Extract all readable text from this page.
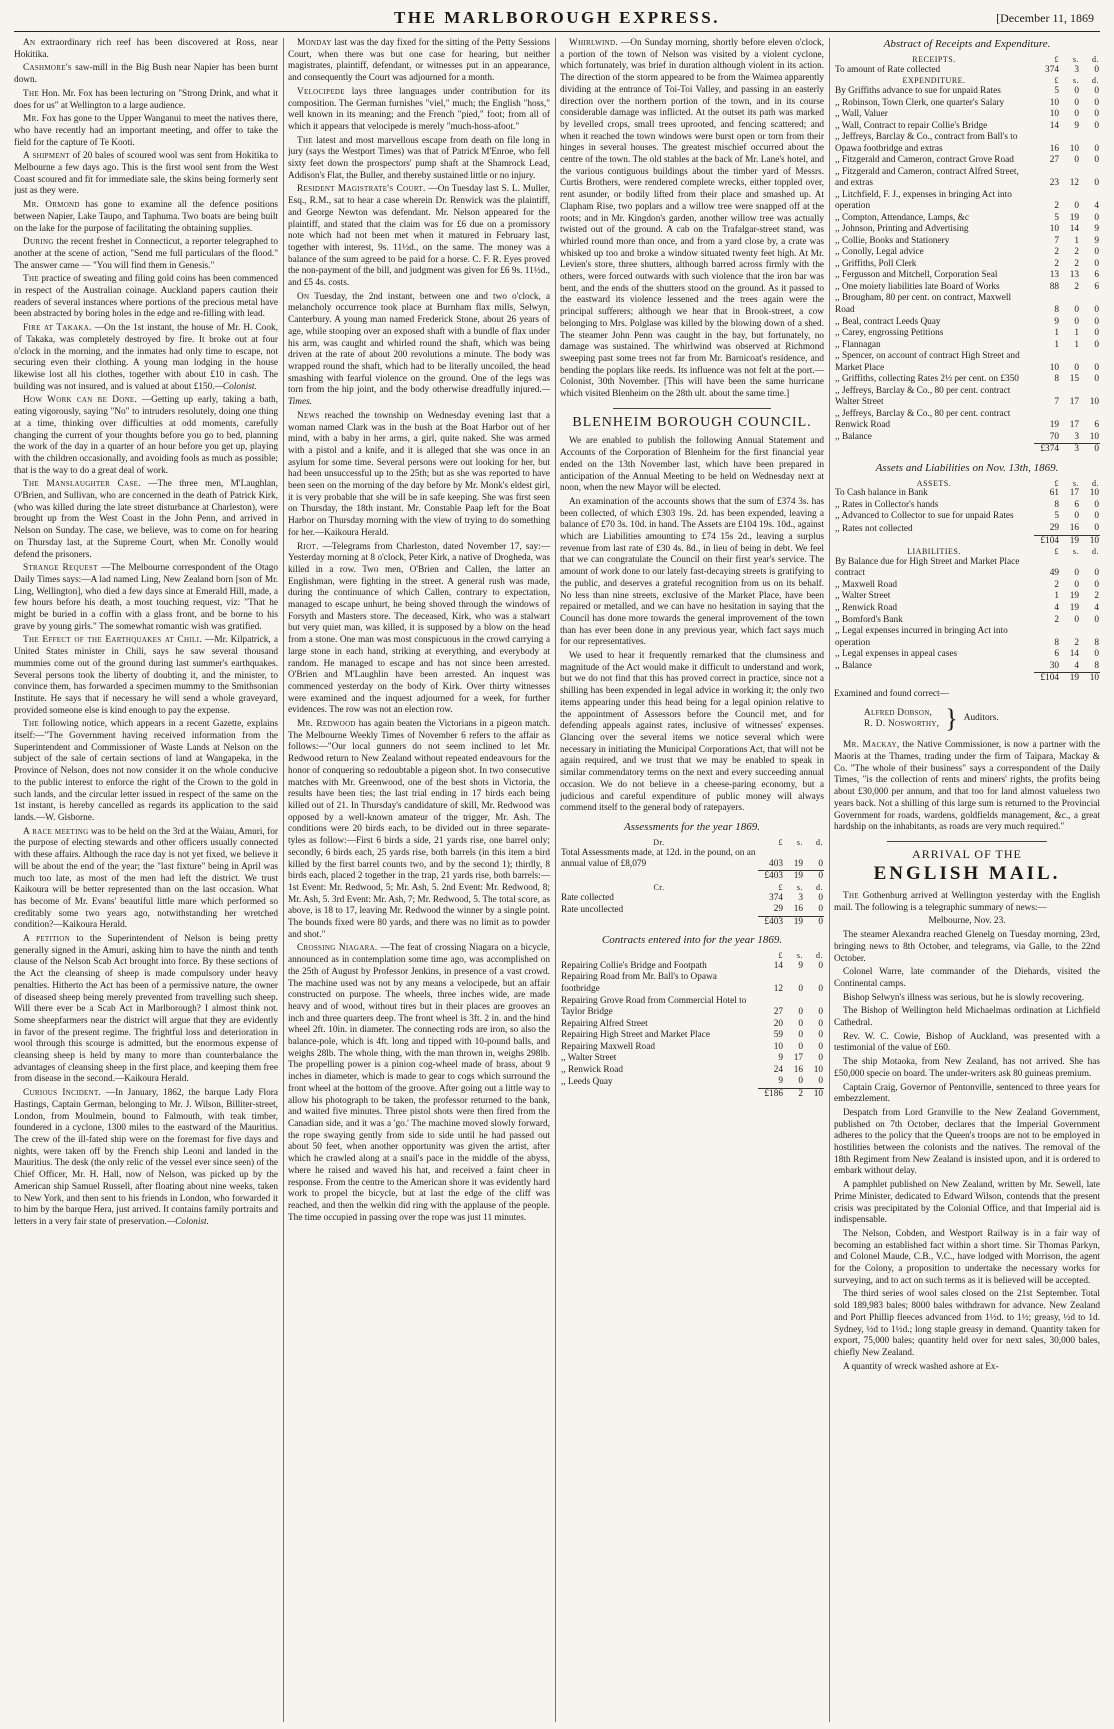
THE MARLBOROUGH EXPRESS.	[December 11, 1869

An extraordinary rich reef has been discovered at Ross, near Hokitika.

Cashmore's saw-mill in the Big Bush near Napier has been burnt down.

The Hon. Mr. Fox has been lecturing on "Strong Drink, and what it does for us" at Wellington to a large audience.

Mr. Fox has gone to the Upper Wanganui to meet the natives there, who have recently had an important meeting, and offer to take the field for the capture of Te Kooti.

A shipment of 20 bales of scoured wool was sent from Hokitika to Melbourne a few days ago. This is the first wool sent from the West Coast scoured and fit for immediate sale, the skins being formerly sent just as they were.

Mr. Ormond has gone to examine all the defence positions between Napier, Lake Taupo, and Taphuma. Two boats are being built on the lake for the purpose of facilitating the obtaining supplies.

During the recent freshet in Connecticut, a reporter telegraphed to another at the scene of action, "Send me full particulars of the flood." The answer came — "You will find them in Genesis."

The practice of sweating and filing gold coins has been commenced in respect of the Australian coinage. Auckland papers caution their readers of several instances where portions of the precious metal have been abstracted by boring holes in the edge and re-filling with lead.

Fire at Takaka. —On the 1st instant, the house of Mr. H. Cook, of Takaka, was completely destroyed by fire. It broke out at four o'clock in the morning, and the inmates had only time to escape, not securing even their clothing. A young man lodging in the house likewise lost all his clothes, together with about £10 in cash. The building was not insured, and is valued at about £150.—Colonist.

How Work can be Done. —Getting up early, taking a bath, eating vigorously, saying "No" to intruders resolutely, doing one thing at a time, thinking over difficulties at odd moments, carefully changing the current of your thoughts before you go to bed, planning the work of the day in a quarter of an hour before you get up, playing with the children occasionally, and avoiding fools as much as possible; that is the way to do a great deal of work.

The Manslaughter Case. —The three men, M'Laughlan, O'Brien, and Sullivan, who are concerned in the death of Patrick Kirk, (who was killed during the late street disturbance at Charleston), were brought up from the West Coast in the John Penn, and arrived in Nelson on Sunday. The case, we believe, was to come on for hearing on Thursday last, at the Supreme Court, when Mr. Conolly would defend the prisoners.

Strange Request —The Melbourne correspondent of the Otago Daily Times says:—A lad named Ling, New Zealand born [son of Mr. Ling, Wellington], who died a few days since at Emerald Hill, made, a few hours before his death, a most touching request, viz: "That he might be buried in a coffin with a glass front, and be borne to his grave by young girls." The somewhat romantic wish was gratified.

The Effect of the Earthquakes at Chili. —Mr. Kilpatrick, a United States minister in Chili, says he saw several thousand mummies come out of the ground during last summer's earthquakes. Several persons took the liberty of doubting it, and the minister, to convince them, has forwarded a specimen mummy to the Smithsonian Institute. He says that if necessary he will send a whole graveyard, provided someone else is kind enough to pay the expense.

The following notice, which appears in a recent Gazette, explains itself:—"The Government having received information from the Superintendent and Commissioner of Waste Lands at Nelson on the subject of the sale of certain sections of land at Wangapeka, in the Province of Nelson, does not now consider it on the whole conducive to the public interest to enforce the right of the Crown to the gold in such lands, and the circular letter issued in respect of the same on the 1st instant, is hereby cancelled as regards its application to the said lands.—W. Gisborne.

A race meeting was to be held on the 3rd at the Waiau, Amuri, for the purpose of electing stewards and other officers usually connected with these affairs. Although the race day is not yet fixed, we believe it will be about the end of the year; the "last fixture" being in April was much too late, as most of the men had left the district. We trust Kaikoura will be better represented than on the last occasion. What has become of Mr. Evans' beautiful little mare which performed so creditably some two years ago, notwithstanding her wretched condition?—Kaikoura Herald.

A petition to the Superintendent of Nelson is being pretty generally signed in the Amuri, asking him to have the ninth and tenth clause of the Nelson Scab Act brought into force. By these sections of the Act the cleansing of sheep is made compulsory under heavy penalties. Hitherto the Act has been of a permissive nature, the owner of diseased sheep being merely prevented from travelling such sheep. Will there ever be a Scab Act in Marlborough? I almost think not. Some sheepfarmers near the district will argue that they are evidently in favor of the present regime. The frightful loss and deterioration in wool through this scourge is admitted, but the enormous expense of cleansing sheep is held by many to more than counterbalance the advantages of cleansing sheep in the first place, and keeping them free from disease in the second.—Kaikoura Herald.

Curious Incident. —In January, 1862, the barque Lady Flora Hastings, Captain German, belonging to Mr. J. Wilson, Billiter-street, London, from Moulmein, bound to Falmouth, with teak timber, foundered in a cyclone, 1300 miles to the eastward of the Mauritius. The crew of the ill-fated ship were on the foremast for five days and nights, were taken off by the French ship Leoni and landed in the Mauritius. The desk (the only relic of the vessel ever since seen) of the Chief Officer, Mr. H. Hall, now of Nelson, was picked up by the American ship Samuel Russell, after floating about nine weeks, taken to New York, and then sent to his friends in London, who forwarded it to him by the barque Hera, just arrived. It contains family portraits and letters in a very fair state of preservation.—Colonist.

Monday last was the day fixed for the sitting of the Petty Sessions Court, when there was but one case for hearing, but neither magistrates, plaintiff, defendant, or witnesses put in an appearance, and consequently the Court was adjourned for a month.

Velocipede lays three languages under contribution for its composition. The German furnishes "viel," much; the English "hoss," well known in its meaning; and the French "pied," foot; from all of which it appears that velocipede is merely "much-hoss-afoot."

The latest and most marvellous escape from death on file long in jury (says the Westport Times) was that of Patrick M'Enroe, who fell sixty feet down the prospectors' pump shaft at the Shamrock Lead, Addison's Flat, the Buller, and thereby sustained little or no injury.

Resident Magistrate's Court. —On Tuesday last S. L. Muller, Esq., R.M., sat to hear a case wherein Dr. Renwick was the plaintiff, and George Newton was defendant. Mr. Nelson appeared for the plaintiff, and stated that the claim was for £6 due on a promissory note which had not been met when it matured in February last, together with interest, 9s. 11½d., on the same. The money was a balance of the sum agreed to be paid for a horse. C. F. R. Eyes proved the non-payment of the bill, and judgment was given for £6 9s. 11½d., and £5 4s. costs.

On Tuesday, the 2nd instant, between one and two o'clock, a melancholy occurrence took place at Burnham flax mills, Selwyn, Canterbury. A young man named Frederick Stone, about 26 years of age, while stooping over an exposed shaft with a bundle of flax under his arm, was caught and whirled round the shaft, which was being driven at the rate of about 200 revolutions a minute. The body was wrapped round the shaft, which had to be literally uncoiled, the head smashing with fearful violence on the ground. One of the legs was torn from the hip joint, and the body otherwise dreadfully injured.—Times.

News reached the township on Wednesday evening last that a woman named Clark was in the bush at the Boat Harbor out of her mind, with a baby in her arms, a girl, quite naked. She was armed with a pistol and a knife, and it is alleged that she was once in an asylum for some time. Several persons were out looking for her, but had been unsuccessful up to the 25th; but as she was reported to have been seen on the morning of the day before by Mr. Monk's eldest girl, it is very probable that she will be in safe keeping. She was first seen on Thursday, the 18th instant. Mr. Constable Paap left for the Boat Harbor on Thursday morning with the view of trying to do something for her.—Kaikoura Herald.

Riot. —Telegrams from Charleston, dated November 17, say:—Yesterday morning at 8 o'clock, Peter Kirk, a native of Drogheda, was killed in a row. Two men, O'Brien and Callen, the latter an Englishman, were fighting in the street. A general rush was made, during the continuance of which Callen, contrary to expectation, managed to escape unhurt, he being shoved through the windows of Forsyth and Masters store. The deceased, Kirk, who was a stalwart but very quiet man, was killed, it is supposed by a blow on the head from a stone. One man was most conspicuous in the crowd carrying a large stone in each hand, striking at everything, and everybody at random. He managed to escape and has not since been arrested. O'Brien and M'Laughlin have been arrested. An inquest was commenced yesterday on the body of Kirk. Over thirty witnesses were examined and the inquest adjourned for a week, for further evidences. The row was not an election row.

Mr. Redwood has again beaten the Victorians in a pigeon match. The Melbourne Weekly Times of November 6 refers to the affair as follows:—"Our local gunners do not seem inclined to let Mr. Redwood return to New Zealand without repeated endeavours for the honor of conquering so redoubtable a pigeon shot. In two consecutive matches with Mr. Greenwood, one of the best shots in Victoria, the results have been ties; the last trial ending in 17 birds each being killed out of 21. In Thursday's candidature of skill, Mr. Redwood was opposed by a well-known amateur of the trigger, Mr. Ash. The conditions were 20 birds each, to be divided out in three separate-tyles as follow:—First 6 birds a side, 21 yards rise, one barrel only; secondly, 6 birds each, 25 yards rise, both barrels (in this item a bird killed by the first barrel counts two, and by the second 1); thirdly, 8 birds each, placed 2 together in the trap, 21 yards rise, both barrels:—1st Event: Mr. Redwood, 5; Mr. Ash, 5. 2nd Event: Mr. Redwood, 8; Mr. Ash, 5. 3rd Event: Mr. Ash, 7; Mr. Redwood, 5. The total score, as above, is 18 to 17, leaving Mr. Redwood the winner by a single point. The bounds fixed were 80 yards, and there was no limit as to powder and shot."

Crossing Niagara. —The feat of crossing Niagara on a bicycle, announced as in contemplation some time ago, was accomplished on the 25th of August by Professor Jenkins, in presence of a vast crowd. The machine used was not by any means a velocipede, but an affair constructed on purpose. The wheels, three inches wide, are made heavy and of wood, without tires but in their places are grooves an inch and three quarters deep. The front wheel is 3ft. 2 in. and the hind wheel 2ft. 10in. in diameter. The connecting rods are iron, so also the balance-pole, which is 4ft. long and tipped with 10-pound balls, and weighs 28lb. The whole thing, with the man thrown in, weighs 298lb. The propelling power is a pinion cog-wheel made of brass, about 9 inches in diameter, which is made to gear to cogs which surround the front wheel at the bottom of the groove. After going out a little way to allow his photograph to be taken, the professor returned to the bank, and waited five minutes. Three pistol shots were then fired from the Canadian side, and it was a 'go.' The machine moved slowly forward, the rope swaying gently from side to side until he had passed out about 50 feet, when another opportunity was given the artist, after which he crawled along at a snail's pace in the middle of the abyss, where he raised and waved his hat, and received a faint cheer in response. From the centre to the American shore it was evidently hard work to propel the bicycle, but at last the edge of the cliff was reached, and then the welkin did ring with the applause of the people. The time occupied in passing over the rope was just 11 minutes.

Whirlwind. —On Sunday morning, shortly before eleven o'clock, a portion of the town of Nelson was visited by a violent cyclone, which fortunately, was brief in duration although violent in its action. The direction of the storm appeared to be from the Waimea apparently dividing at the entrance of Toi-Toi Valley, and passing in an easterly direction over the northern portion of the town, and in its course considerable damage was inflicted. At the outset its path was marked by levelled crops, small trees uprooted, and fencing scattered; and when it reached the town windows were burst open or torn from their hinges in several houses. The greatest mischief occurred about the centre of the town. The old stables at the back of Mr. Lane's hotel, and the various contiguous buildings about the timber yard of Messrs. Curtis Brothers, were rendered complete wrecks, either toppled over, rent asunder, or bodily lifted from their place and smashed up. At Clapham Rise, two poplars and a willow tree were snapped off at the roots; and in Mr. Kingdon's garden, another willow tree was actually twisted out of the ground. A cab on the Trafalgar-street stand, was whirled round more than once, and from a yard close by, a crate was whisked up too and broke a window situated twenty feet high. At Mr. Levien's store, three shutters, although barred across firmly with the others, were forced outwards with such violence that the iron bar was bent, and the ends of the shutters stood on the ground. As it passed to the eastward its violence lessened and the trees again were the principal sufferers; although we hear that in Brook-street, a cow belonging to Mrs. Polglase was killed by the blowing down of a shed. The steamer John Penn was caught in the bay, but fortunately, no damage was sustained. The whirlwind was observed at Richmond sweeping past some trees not far from Mr. Barnicoat's residence, and bending the poplars like reeds. Its influence was not felt at the port.—Colonist, 30th November. [This will have been the same hurricane which visited Blenheim on the 28th ult. about the same time.]

BLENHEIM BOROUGH COUNCIL.

We are enabled to publish the following Annual Statement and Accounts of the Corporation of Blenheim for the first financial year ended on the 13th November last, which have been prepared in anticipation of the Annual Meeting to be held on Wednesday next at noon, when the new Mayor will be elected.

An examination of the accounts shows that the sum of £374 3s. has been collected, of which £303 19s. 2d. has been expended, leaving a balance of £70 3s. 10d. in hand. The Assets are £104 19s. 10d., against which are Liabilities amounting to £74 15s 2d., leaving a surplus revenue from last rate of £30 4s. 8d., in lieu of being in debt. We feel that we can congratulate the Council on their first year's service. The amount of work done to our lately fast-decaying streets is gratifying to the public, and deserves a grateful recognition from us on its behalf. No less than nine streets, exclusive of the Market Place, have been repaired or metalled, and we can have no hesitation in saying that the Council has done more towards the general improvement of the town than has ever been done in any previous year, which fact says much for our representatives.

We used to hear it frequently remarked that the clumsiness and magnitude of the Act would make it difficult to understand and work, but we do not find that this has proved correct in practice, since not a shilling has been expended in legal advice in working it; the only two items appearing under this head being for a legal opinion relative to the appointment of Assessors before the Council met, and for defending appeals against rates, inclusive of witnesses' expenses. Glancing over the several items we notice several which were necessary in initiating the Municipal Corporations Act, that will not be again required, and we trust that we may be enabled to speak in similar commendatory terms on the next and every succeeding annual occasion. We do not believe in a cheese-paring economy, but a judicious and careful expenditure of public money will always commend itself to the general body of ratepayers.

Assessments for the year 1869.
Dr.	£	s.	d.
Total Assessments made, at 12d. in the pound, on an annual value of £8,079	403	19	0
	£403	19	0
Cr.	£	s.	d.
Rate collected	374	3	0
Rate uncollected	29	16	0
	£403	19	0
Contracts entered into for the year 1869.
	£	s.	d.
Repairing Collie's Bridge and Footpath	14	9	0
Repairing Road from Mr. Ball's to Opawa footbridge	12	0	0
Repairing Grove Road from Commercial Hotel to Taylor Bridge	27	0	0
Repairing Alfred Street	20	0	0
Repairing High Street and Market Place	59	0	0
Repairing Maxwell Road	10	0	0
,, Walter Street	9	17	0
,, Renwick Road	24	16	10
,, Leeds Quay	9	0	0
	£186	2	10
Abstract of Receipts and Expenditure.
RECEIPTS.	£	s.	d.
To amount of Rate collected	374	3	0
EXPENDITURE.	£	s.	d.
By Griffiths advance to sue for unpaid Rates	5	0	0
,, Robinson, Town Clerk, one quarter's Salary	10	0	0
,, Wall, Valuer	10	0	0
,, Wall, Contract to repair Collie's Bridge	14	9	0
,, Jeffreys, Barclay & Co., contract from Ball's to Opawa footbridge and extras	16	10	0
,, Fitzgerald and Cameron, contract Grove Road	27	0	0
,, Fitzgerald and Cameron, contract Alfred Street, and extras	23	12	0
,, Litchfield, F. J., expenses in bringing Act into operation	2	0	4
,, Compton, Attendance, Lamps, &c	5	19	0
,, Johnson, Printing and Advertising	10	14	9
,, Collie, Books and Stationery	7	1	9
,, Conolly, Legal advice	2	2	0
,, Griffiths, Poll Clerk	2	2	0
,, Fergusson and Mitchell, Corporation Seal	13	13	6
,, One moiety liabilities late Board of Works	88	2	6
,, Brougham, 80 per cent. on contract, Maxwell Road	8	0	0
,, Beal, contract Leeds Quay	9	0	0
,, Carey, engrossing Petitions	1	1	0
,, Flannagan	1	1	0
,, Spencer, on account of contract High Street and Market Place	10	0	0
,, Griffiths, collecting Rates 2½ per cent. on £350	8	15	0
,, Jeffreys, Barclay & Co., 80 per cent. contract Walter Street	7	17	10
,, Jeffreys, Barclay & Co., 80 per cent. contract Renwick Road	19	17	6
,, Balance	70	3	10
	£374	3	0
Assets and Liabilities on Nov. 13th, 1869.
ASSETS.	£	s.	d.
To Cash balance in Bank	61	17	10
,, Rates in Collector's hands	8	6	0
,, Advanced to Collector to sue for unpaid Rates	5	0	0
,, Rates not collected	29	16	0
	£104	19	10
LIABILITIES.	£	s.	d.
By Balance due for High Street and Market Place contract	49	0	0
,, Maxwell Road	2	0	0
,, Walter Street	1	19	2
,, Renwick Road	4	19	4
,, Bomford's Bank	2	0	0
,, Legal expenses incurred in bringing Act into operation	8	2	8
,, Legal expenses in appeal cases	6	14	0
,, Balance	30	4	8
	£104	19	10

Examined and found correct—

Alfred Dobson,
R. D. Nosworthy, } Auditors.

Mr. Mackay, the Native Commissioner, is now a partner with the Maoris at the Thames, trading under the firm of Taipara, Mackay & Co. "The whole of their business" says a correspondent of the Daily Times, "is the collection of rents and miners' rights, the profits being about £30,000 per annum, and that too for land almost valueless two years back. Not a shilling of this large sum is returned to the Provincial Government for roads, wardens, goldfields management, &c., a great hardship on the inhabitants, as roads are very much required."

ARRIVAL OF THE
ENGLISH MAIL.

The Gothenburg arrived at Wellington yesterday with the English mail. The following is a telegraphic summary of news:—

Melbourne, Nov. 23.

The steamer Alexandra reached Glenelg on Tuesday morning, 23rd, bringing news to 8th October, and telegrams, via Galle, to the 22nd October.

Colonel Warre, late commander of the Diehards, visited the Continental camps.

Bishop Selwyn's illness was serious, but he is slowly recovering.

The Bishop of Wellington held Michaelmas ordination at Lichfield Cathedral.

Rev. W. C. Cowie, Bishop of Auckland, was presented with a testimonial of the value of £60.

The ship Motaoka, from New Zealand, has not arrived. She has £50,000 specie on board. The under-writers ask 80 guineas premium.

Captain Craig, Governor of Pentonville, sentenced to three years for embezzlement.

Despatch from Lord Granville to the New Zealand Government, published on 7th October, declares that the Imperial Government adheres to the policy that the Queen's troops are not to be employed in hostilities between the colonists and the natives. The removal of the 18th Regiment from New Zealand is insisted upon, and it is ordered to embark without delay.

A pamphlet published on New Zealand, written by Mr. Sewell, late Prime Minister, dedicated to Edward Wilson, contends that the present crisis was precipitated by the Colonial Office, and that Imperial aid is indispensable.

The Nelson, Cobden, and Westport Railway is in a fair way of becoming an established fact within a short time. Sir Thomas Parkyn, and Colonel Maude, C.B., V.C., have lodged with Morrison, the agent for the Colony, a proposition to undertake the necessary works for surveying, and to act on such terms as it is believed will be accepted.

The third series of wool sales closed on the 21st September. Total sold 189,983 bales; 8000 bales withdrawn for advance. New Zealand and Port Phillip fleeces advanced from 1½d. to 1½; greasy, ½d to 1d. Sydney, ½d to 1½d.; long staple greasy in demand. Quantity taken for export, 75,000 bales; quantity held over for next sales, 30,000 bales, chiefly New Zealand.

A quantity of wreck washed ashore at Ex-
